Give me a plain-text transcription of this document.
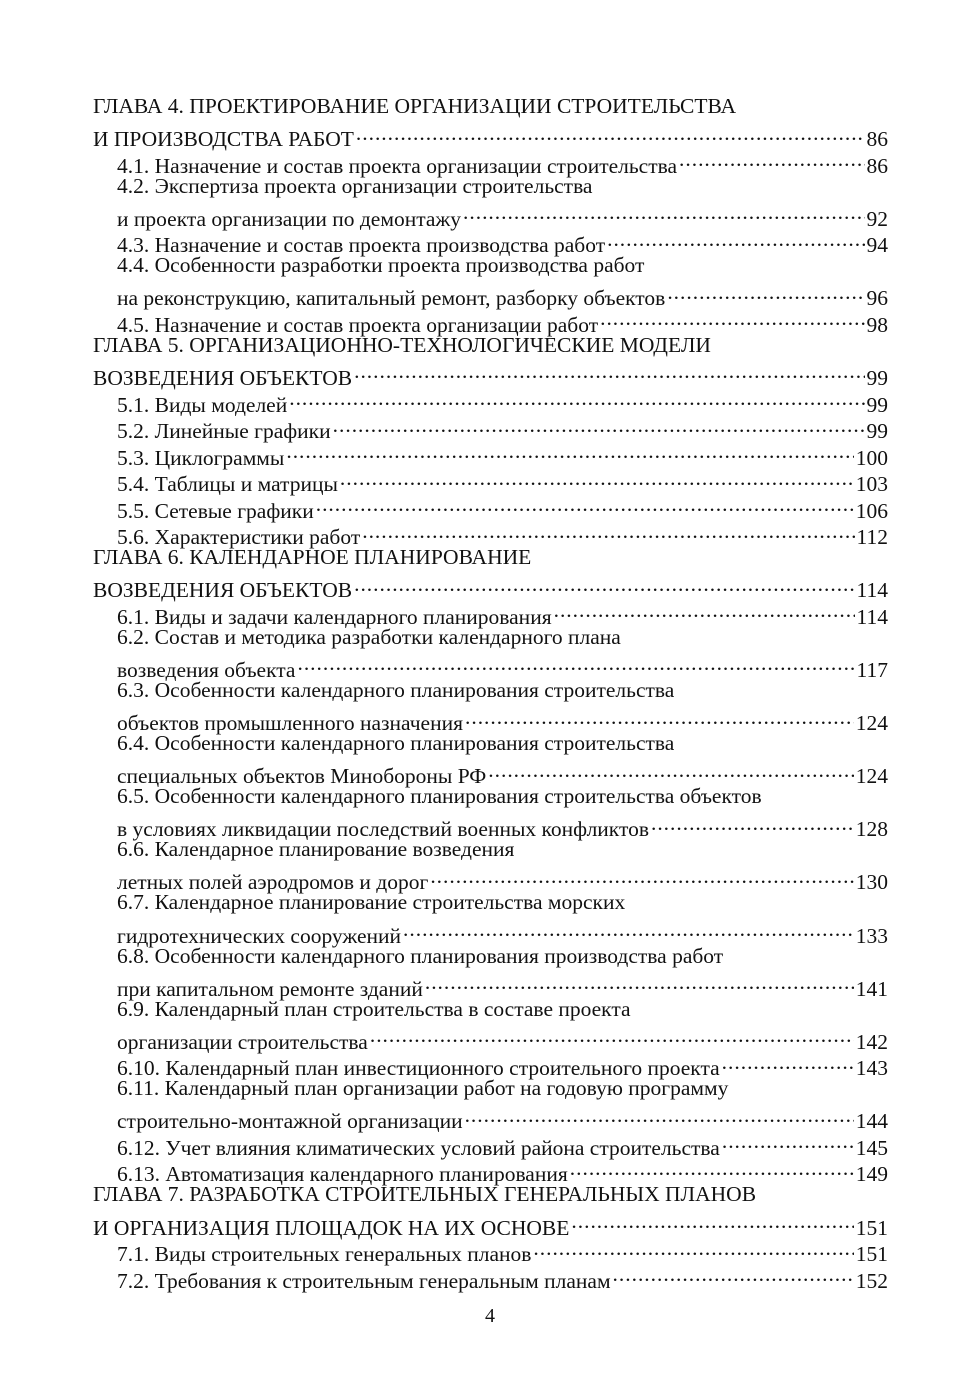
ГЛАВА 4. ПРОЕКТИРОВАНИЕ ОРГАНИЗАЦИИ СТРОИТЕЛЬСТВА
И ПРОИЗВОДСТВА РАБОТ . . .	86
4.1. Назначение и состав проекта организации строительства . . .	86
4.2. Экспертиза проекта организации строительства
и проекта организации по демонтажу . . .	92
4.3. Назначение и состав проекта производства работ . . .	94
4.4. Особенности разработки проекта производства работ
на реконструкцию, капитальный ремонт, разборку объектов . . .	96
4.5. Назначение и состав проекта организации работ . . .	98
ГЛАВА 5. ОРГАНИЗАЦИОННО-ТЕХНОЛОГИЧЕСКИЕ МОДЕЛИ
ВОЗВЕДЕНИЯ ОБЪЕКТОВ . . .	99
5.1. Виды моделей . . .	99
5.2. Линейные графики . . .	99
5.3. Циклограммы . . .	100
5.4. Таблицы и матрицы . . .	103
5.5. Сетевые графики . . .	106
5.6. Характеристики работ . . .	112
ГЛАВА 6. КАЛЕНДАРНОЕ ПЛАНИРОВАНИЕ
ВОЗВЕДЕНИЯ ОБЪЕКТОВ . . .	114
6.1. Виды и задачи календарного планирования . . .	114
6.2. Состав и методика разработки календарного плана
возведения объекта . . .	117
6.3. Особенности календарного планирования строительства
объектов промышленного назначения . . .	124
6.4. Особенности календарного планирования строительства
специальных объектов Минобороны РФ . . .	124
6.5. Особенности календарного планирования строительства объектов
в условиях ликвидации последствий военных конфликтов . . .	128
6.6. Календарное планирование возведения
летных полей аэродромов и дорог . . .	130
6.7. Календарное планирование строительства морских
гидротехнических сооружений . . .	133
6.8. Особенности календарного планирования производства работ
при капитальном ремонте зданий . . .	141
6.9. Календарный план строительства в составе проекта
организации строительства . . .	142
6.10. Календарный план инвестиционного строительного проекта . . .	143
6.11. Календарный план организации работ на годовую программу
строительно-монтажной организации . . .	144
6.12. Учет влияния климатических условий района строительства . . .	145
6.13. Автоматизация календарного планирования . . .	149
ГЛАВА 7. РАЗРАБОТКА СТРОИТЕЛЬНЫХ ГЕНЕРАЛЬНЫХ ПЛАНОВ
И ОРГАНИЗАЦИЯ ПЛОЩАДОК НА ИХ ОСНОВЕ . . .	151
7.1. Виды строительных генеральных планов . . .	151
7.2. Требования к строительным генеральным планам . . .	152
4
